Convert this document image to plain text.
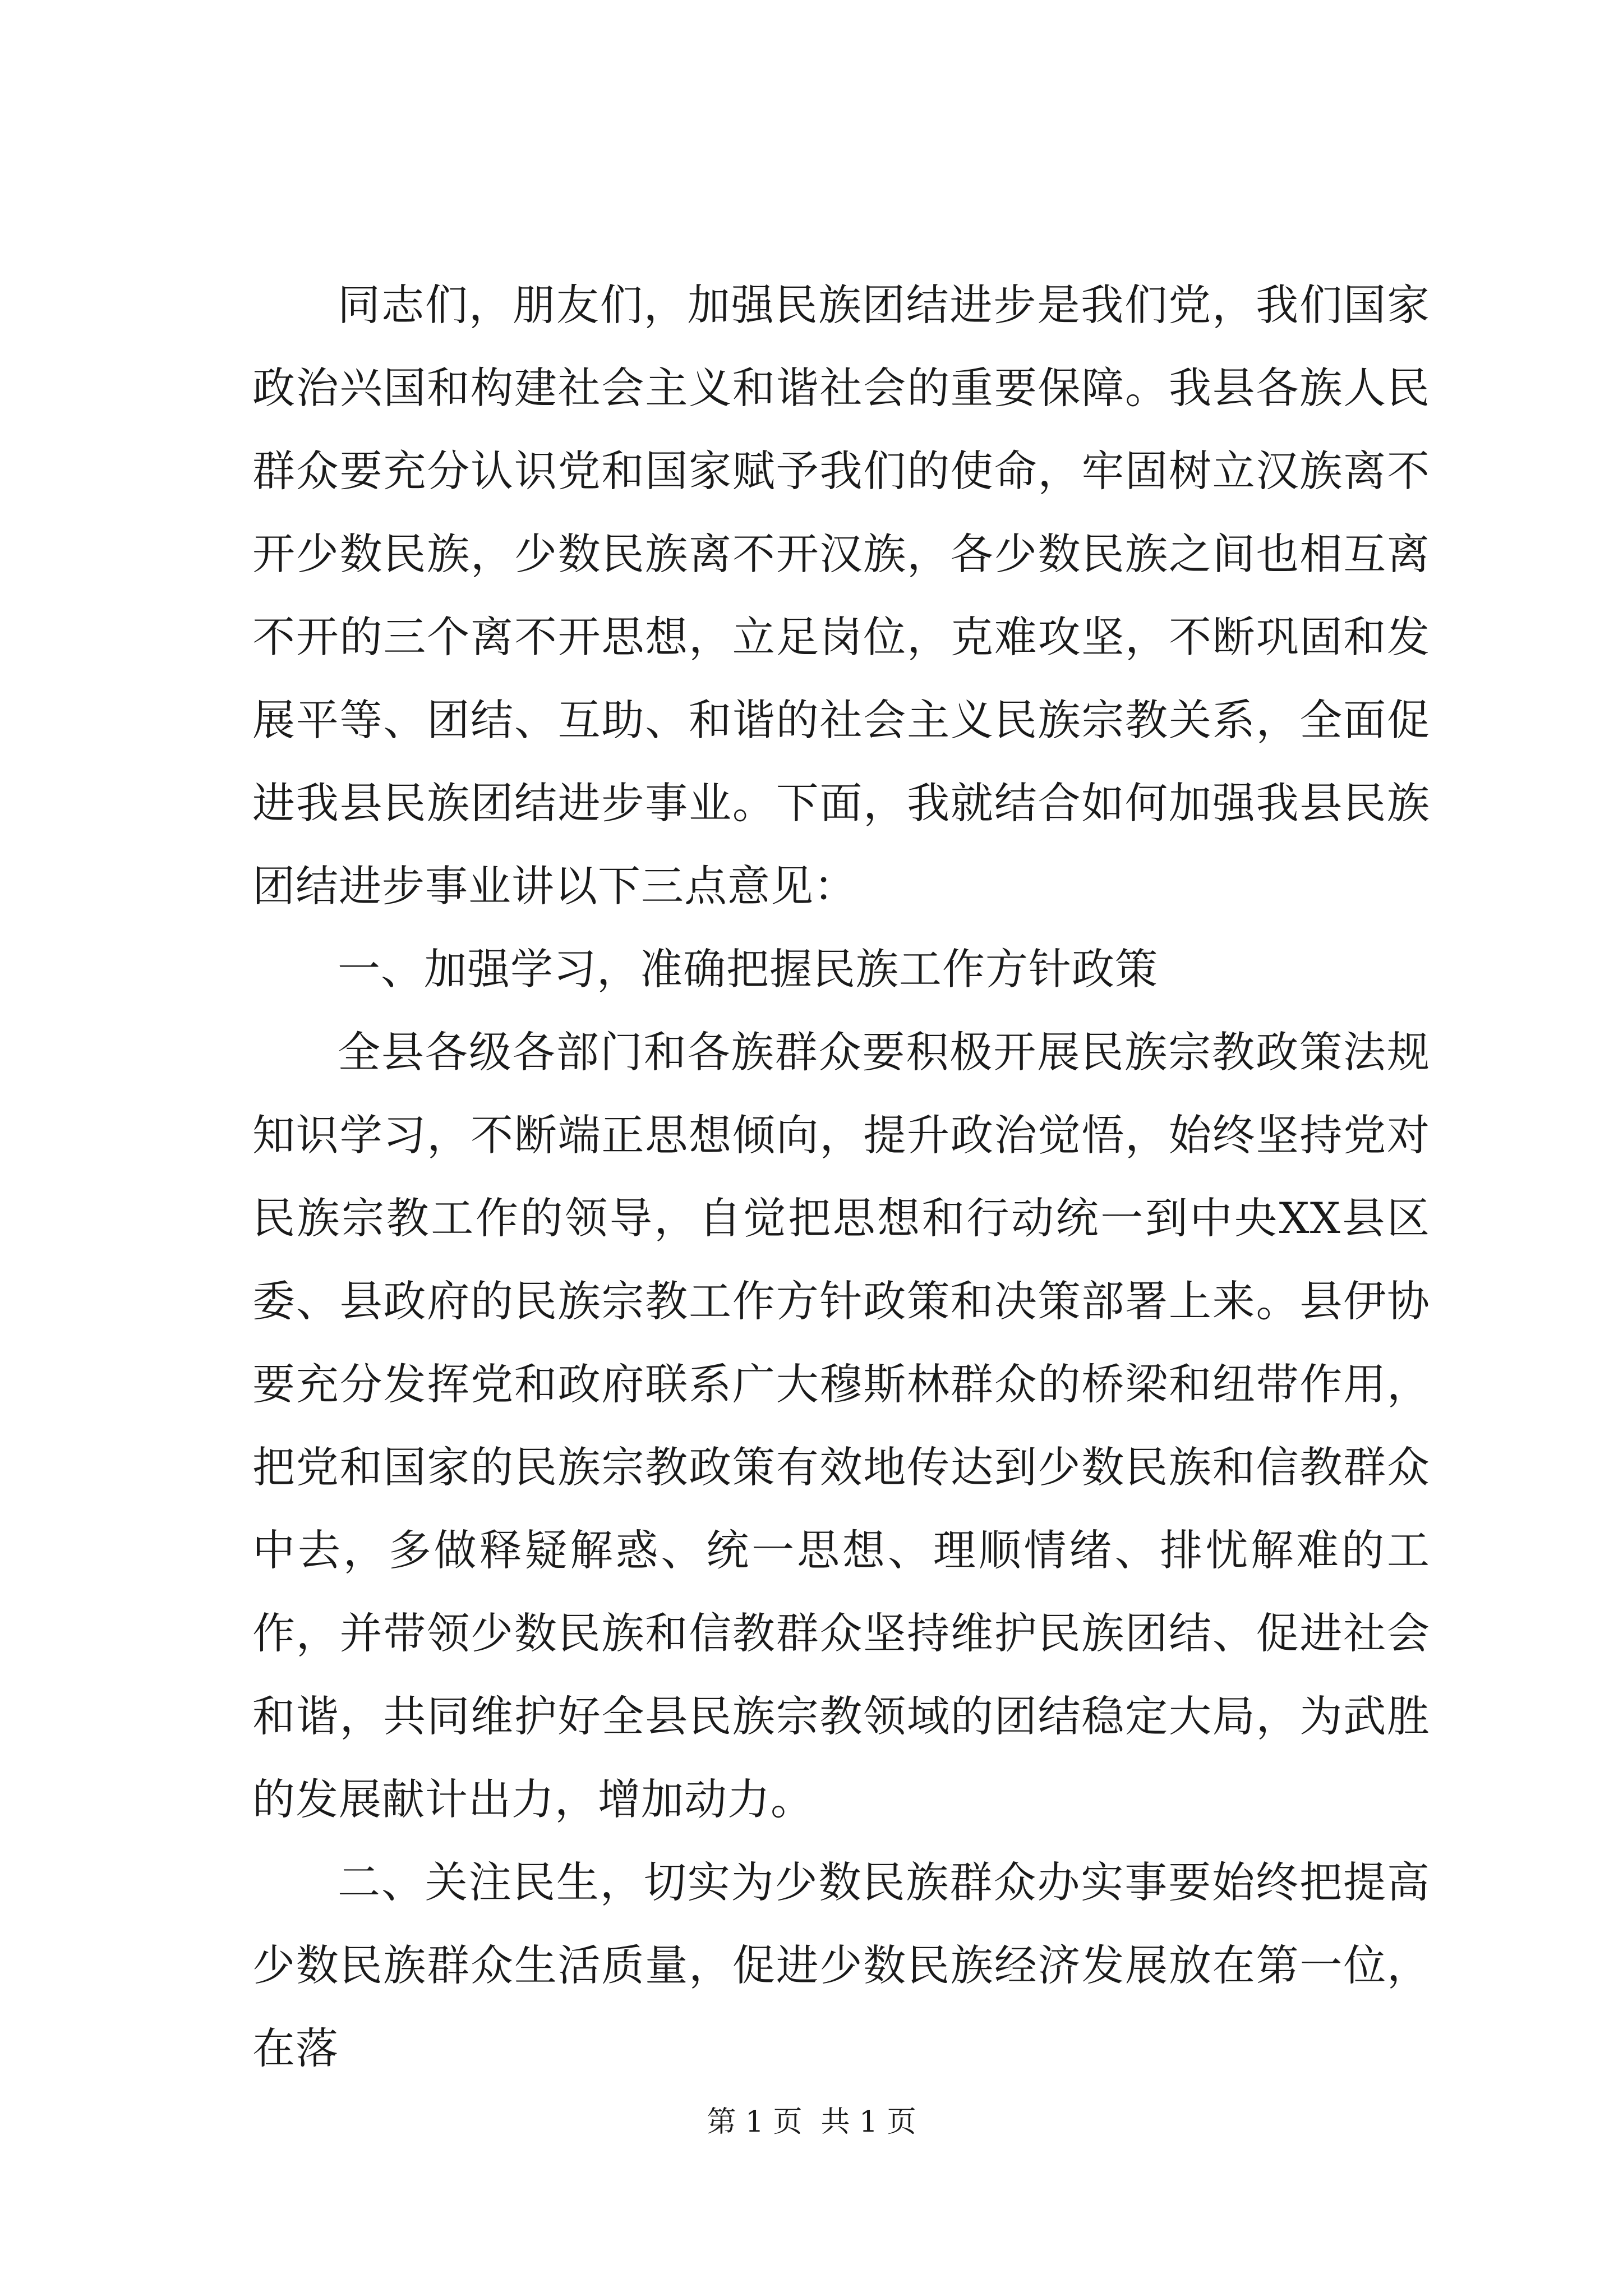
同志们，朋友们，加强民族团结进步是我们党，我们国家政治兴国和构建社会主义和谐社会的重要保障。我县各族人民群众要充分认识党和国家赋予我们的使命，牢固树立汉族离不开少数民族，少数民族离不开汉族，各少数民族之间也相互离不开的三个离不开思想，立足岗位，克难攻坚，不断巩固和发展平等、团结、互助、和谐的社会主义民族宗教关系，全面促进我县民族团结进步事业。下面，我就结合如何加强我县民族团结进步事业讲以下三点意见：

一、加强学习，准确把握民族工作方针政策

全县各级各部门和各族群众要积极开展民族宗教政策法规知识学习，不断端正思想倾向，提升政治觉悟，始终坚持党对民族宗教工作的领导，自觉把思想和行动统一到中央XX县区委、县政府的民族宗教工作方针政策和决策部署上来。县伊协要充分发挥党和政府联系广大穆斯林群众的桥梁和纽带作用，把党和国家的民族宗教政策有效地传达到少数民族和信教群众中去，多做释疑解惑、统一思想、理顺情绪、排忧解难的工作，并带领少数民族和信教群众坚持维护民族团结、促进社会和谐，共同维护好全县民族宗教领域的团结稳定大局，为武胜的发展献计出力，增加动力。

二、关注民生，切实为少数民族群众办实事要始终把提高少数民族群众生活质量，促进少数民族经济发展放在第一位，在落

第 1 页  共 1 页
